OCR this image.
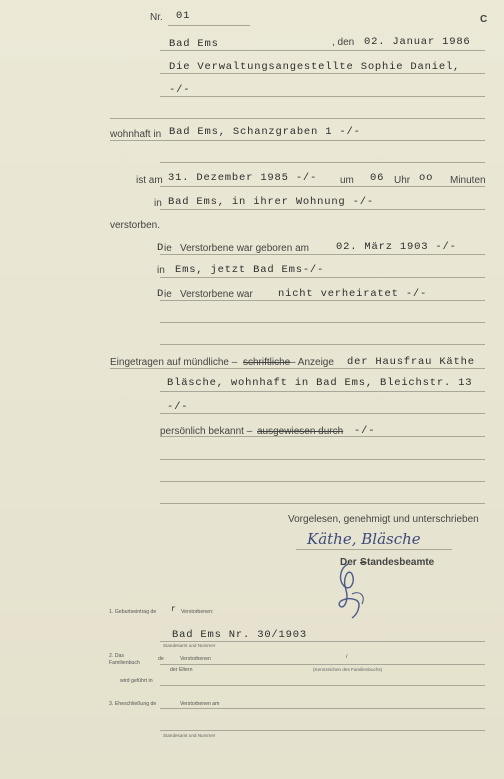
Nr. 01	C
Bad Ems	, den 02. Januar 1986
Die Verwaltungsangestellte Sophie Daniel,
-/-
wohnhaft in Bad Ems, Schanzgraben 1 -/-
ist am 31. Dezember 1985 -/- um 06 Uhr oo Minuten
in Bad Ems, in ihrer Wohnung -/-
verstorben.
D ie Verstorbene war geboren am	02. März 1903 -/-
in Ems, jetzt Bad Ems-/-
D ie Verstorbene war nicht verheiratet -/-
Eingetragen auf mündliche – schriftliche – Anzeige der Hausfrau Käthe
Bläsche, wohnhaft in Bad Ems, Bleichstr. 13
-/-
persönlich bekannt – ausgewiesen durch -/-
Vorgelesen, genehmigt und unterschrieben
Käthe, Bläsche
Der S tandesbeamte
1. Geburtseintrag de r Verstorbenen:
Bad Ems Nr. 30/1903
Standesamt und Nummer
2. Das
Familienbuch
de	Verstorbenen	/
der Eltern	(Kennzeichen des Familienbuchs)
wird geführt in
3. Eheschließung de	Verstorbenen am
Standesamt und Nummer
